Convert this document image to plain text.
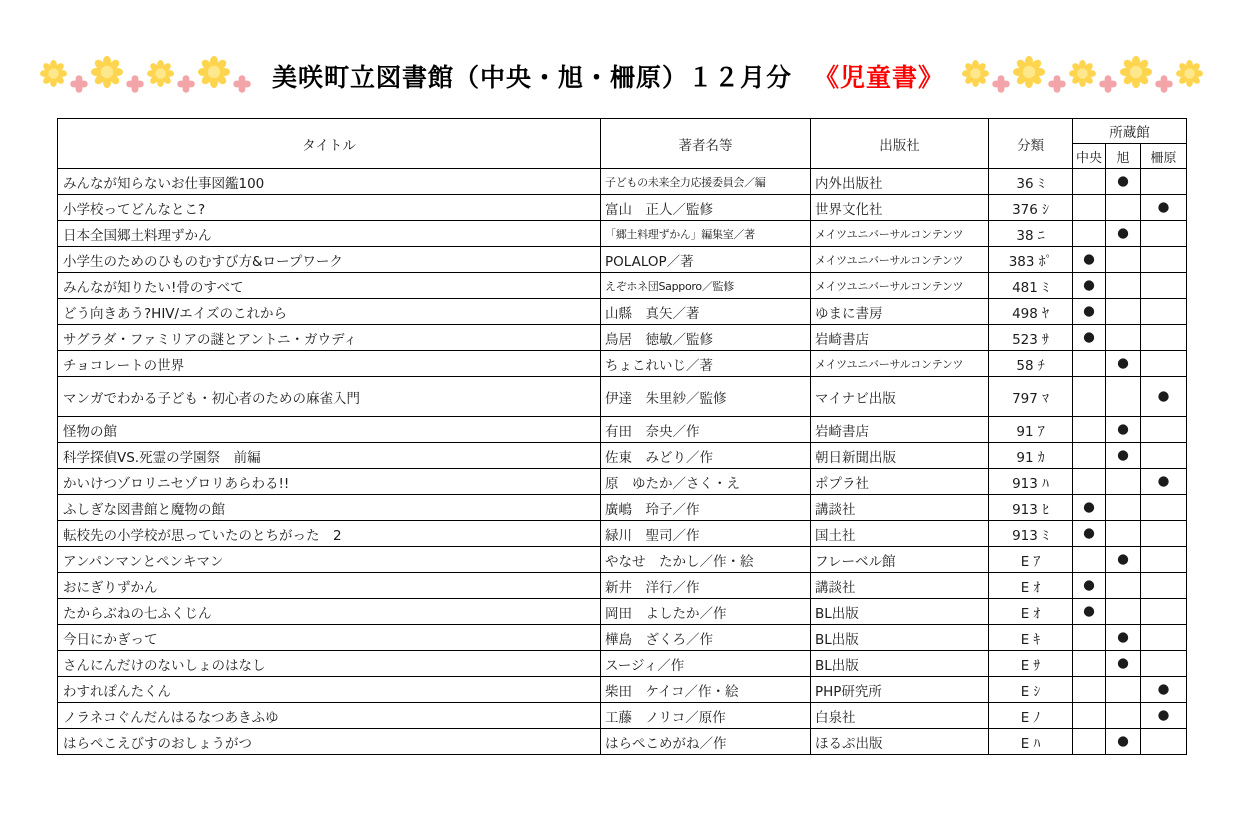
美咲町立図書館（中央・旭・柵原）１２月分 《児童書》
タイトル	著者名等	出版社	分類	所蔵館		
				中央	旭	柵原
みんなが知らないお仕事図鑑100	子どもの未来全力応援委員会／編	内外出版社	36 ﾐ		●	
小学校ってどんなとこ?	富山　正人／監修	世界文化社	376 ｼ			●
日本全国郷土料理ずかん	「郷土料理ずかん」編集室／著	メイツユニバーサルコンテンツ	38 ﾆ		●	
小学生のためのひものむすび方&ロープワーク	POLALOP／著	メイツユニバーサルコンテンツ	383 ﾎﾟ	●		
みんなが知りたい!骨のすべて	えぞホネ団Sapporo／監修	メイツユニバーサルコンテンツ	481 ﾐ	●		
どう向きあう?HIV/エイズのこれから	山縣　真矢／著	ゆまに書房	498 ﾔ	●		
サグラダ・ファミリアの謎とアントニ・ガウディ	鳥居　徳敏／監修	岩崎書店	523 ｻ	●		
チョコレートの世界	ちょこれいじ／著	メイツユニバーサルコンテンツ	58 ﾁ		●	
マンガでわかる子ども・初心者のための麻雀入門	伊達　朱里紗／監修	マイナビ出版	797 ﾏ			●
怪物の館	有田　奈央／作	岩崎書店	91 ｱ		●	
科学探偵VS.死霊の学園祭　前編	佐東　みどり／作	朝日新聞出版	91 ｶ		●	
かいけつゾロリニセゾロリあらわる!!	原　ゆたか／さく・え	ポプラ社	913 ﾊ			●
ふしぎな図書館と魔物の館	廣嶋　玲子／作	講談社	913 ﾋ	●		
転校先の小学校が思っていたのとちがった　2	緑川　聖司／作	国土社	913 ﾐ	●		
アンパンマンとペンキマン	やなせ　たかし／作・絵	フレーベル館	E ｱ		●	
おにぎりずかん	新井　洋行／作	講談社	E ｵ	●		
たからぶねの七ふくじん	岡田　よしたか／作	BL出版	E ｵ	●		
今日にかぎって	樺島　ざくろ／作	BL出版	E ｷ		●	
さんにんだけのないしょのはなし	スージィ／作	BL出版	E ｻ		●	
わすれぽんたくん	柴田　ケイコ／作・絵	PHP研究所	E ｼ			●
ノラネコぐんだんはるなつあきふゆ	工藤　ノリコ／原作	白泉社	E ﾉ			●
はらぺこえびすのおしょうがつ	はらぺこめがね／作	ほるぷ出版	E ﾊ		●	
